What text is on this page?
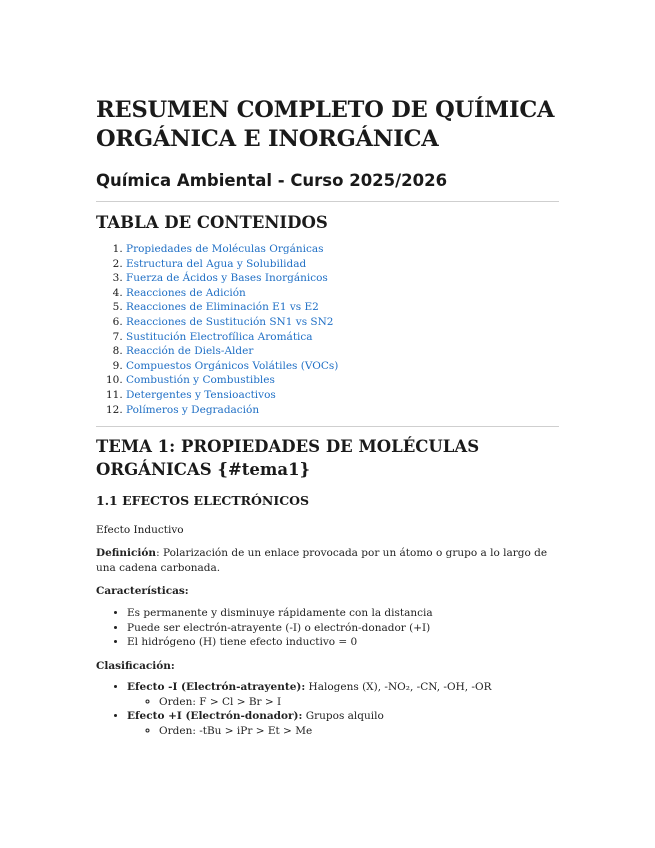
RESUMEN COMPLETO DE QUÍMICA ORGÁNICA E INORGÁNICA
Química Ambiental - Curso 2025/2026
TABLA DE CONTENIDOS
1. Propiedades de Moléculas Orgánicas
2. Estructura del Agua y Solubilidad
3. Fuerza de Ácidos y Bases Inorgánicos
4. Reacciones de Adición
5. Reacciones de Eliminación E1 vs E2
6. Reacciones de Sustitución SN1 vs SN2
7. Sustitución Electrofílica Aromática
8. Reacción de Diels-Alder
9. Compuestos Orgánicos Volátiles (VOCs)
10. Combustión y Combustibles
11. Detergentes y Tensioactivos
12. Polímeros y Degradación
TEMA 1: PROPIEDADES DE MOLÉCULAS ORGÁNICAS {#tema1}
1.1 EFECTOS ELECTRÓNICOS
Efecto Inductivo

Definición: Polarización de un enlace provocada por un átomo o grupo a lo largo de una cadena carbonada.

Características:

• Es permanente y disminuye rápidamente con la distancia
• Puede ser electrón-atrayente (-I) o electrón-donador (+I)
• El hidrógeno (H) tiene efecto inductivo = 0

Clasificación:

• Efecto -I (Electrón-atrayente): Halogens (X), -NO₂, -CN, -OH, -OR
◦ Orden: F > Cl > Br > I
• Efecto +I (Electrón-donador): Grupos alquilo
◦ Orden: -tBu > iPr > Et > Me
